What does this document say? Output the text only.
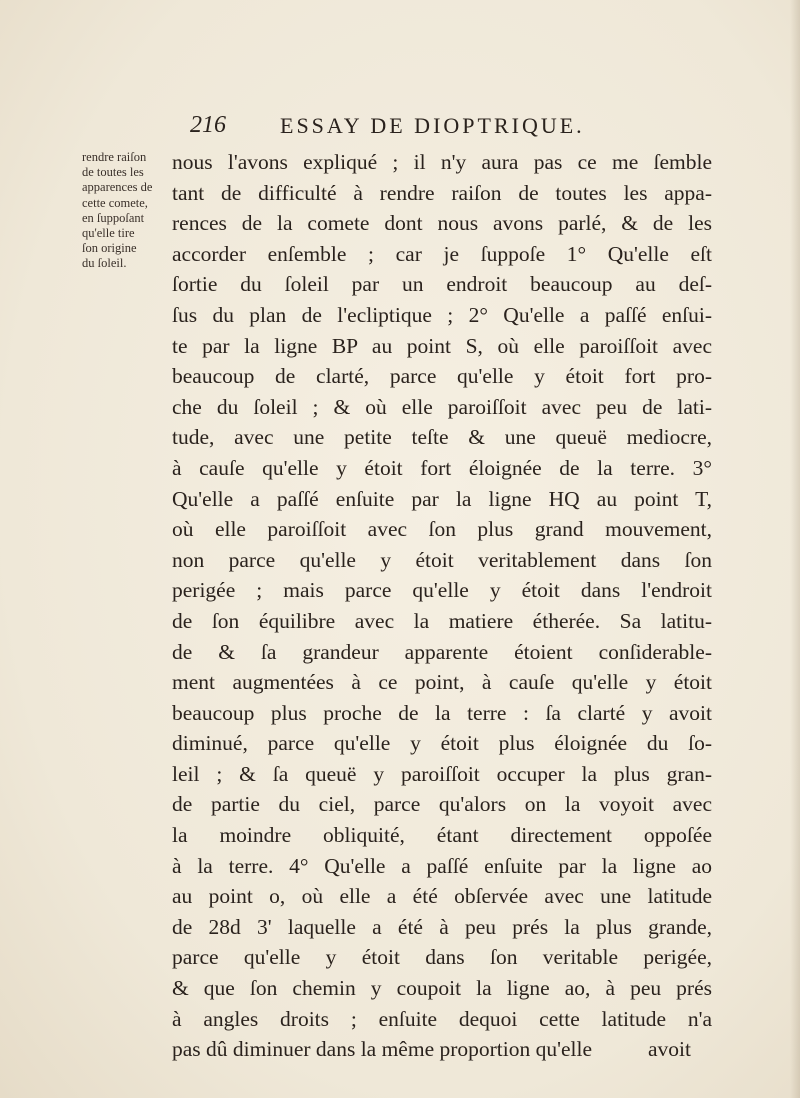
216 ESSAY DE DIOPTRIQUE.

rendre raiſon
de toutes les
apparences de
cette comete,
en ſuppoſant
qu'elle tire
ſon origine
du ſoleil.

nous l'avons expliqué ; il n'y aura pas ce me ſemble
tant de difficulté à rendre raiſon de toutes les appa-
rences de la comete dont nous avons parlé, & de les
accorder enſemble ; car je ſuppoſe 1° Qu'elle eſt
ſortie du ſoleil par un endroit beaucoup au deſ-
ſus du plan de l'ecliptique ; 2° Qu'elle a paſſé enſui-
te par la ligne BP au point S, où elle paroiſſoit avec
beaucoup de clarté, parce qu'elle y étoit fort pro-
che du ſoleil ; & où elle paroiſſoit avec peu de lati-
tude, avec une petite teſte & une queuë mediocre,
à cauſe qu'elle y étoit fort éloignée de la terre. 3°
Qu'elle a paſſé enſuite par la ligne HQ au point T,
où elle paroiſſoit avec ſon plus grand mouvement,
non parce qu'elle y étoit veritablement dans ſon
perigée ; mais parce qu'elle y étoit dans l'endroit
de ſon équilibre avec la matiere étherée. Sa latitu-
de & ſa grandeur apparente étoient conſiderable-
ment augmentées à ce point, à cauſe qu'elle y étoit
beaucoup plus proche de la terre : ſa clarté y avoit
diminué, parce qu'elle y étoit plus éloignée du ſo-
leil ; & ſa queuë y paroiſſoit occuper la plus gran-
de partie du ciel, parce qu'alors on la voyoit avec
la moindre obliquité, étant directement oppoſée
à la terre. 4° Qu'elle a paſſé enſuite par la ligne ao
au point o, où elle a été obſervée avec une latitude
de 28d 3' laquelle a été à peu prés la plus grande,
parce qu'elle y étoit dans ſon veritable perigée,
& que ſon chemin y coupoit la ligne ao, à peu prés
à angles droits ; enſuite dequoi cette latitude n'a
pas dû diminuer dans la même proportion qu'elle	avoit
